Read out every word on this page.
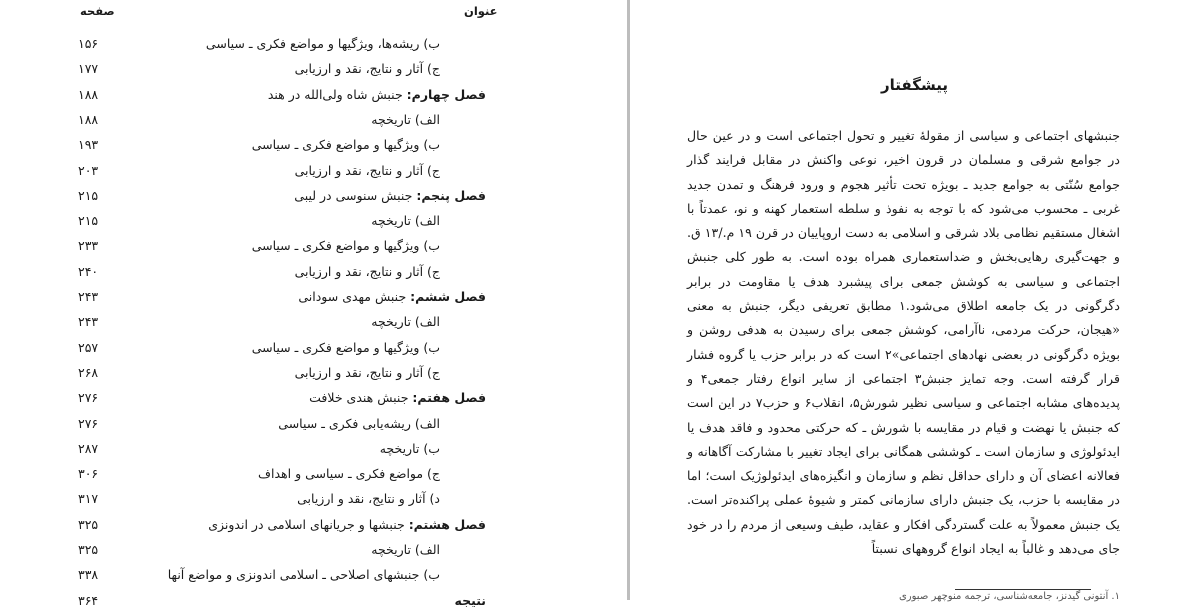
صفحه	عنوان
۱۵۶	ب) ریشه‌ها، ویژگیها و مواضع فکری ـ سیاسی
۱۷۷	ج) آثار و نتایج، نقد و ارزیابی
۱۸۸	فصل چهارم: جنبش شاه ولی‌الله در هند
۱۸۸	الف) تاریخچه
۱۹۳	ب) ویژگیها و مواضع فکری ـ سیاسی
۲۰۳	ج) آثار و نتایج، نقد و ارزیابی
۲۱۵	فصل پنجم: جنبش سنوسی در لیبی
۲۱۵	الف) تاریخچه
۲۳۳	ب) ویژگیها و مواضع فکری ـ سیاسی
۲۴۰	ج) آثار و نتایج، نقد و ارزیابی
۲۴۳	فصل ششم: جنبش مهدی سودانی
۲۴۳	الف) تاریخچه
۲۵۷	ب) ویژگیها و مواضع فکری ـ سیاسی
۲۶۸	ج) آثار و نتایج، نقد و ارزیابی
۲۷۶	فصل هفتم: جنبش هندی خلافت
۲۷۶	الف) ریشه‌یابی فکری ـ سیاسی
۲۸۷	ب) تاریخچه
۳۰۶	ج) مواضع فکری ـ سیاسی و اهداف
۳۱۷	د) آثار و نتایج، نقد و ارزیابی
۳۲۵	فصل هشتم: جنبشها و جریانهای اسلامی در اندونزی
۳۲۵	الف) تاریخچه
۳۳۸	ب) جنبشهای اصلاحی ـ اسلامی اندونزی و مواضع آنها
۳۶۴	نتیجه
پیشگفتار
جنبشهای اجتماعی و سیاسی از مقولهٔ تغییر و تحول اجتماعی است و در عین حال در جوامع شرقی و مسلمان در قرون اخیر، نوعی واکنش در مقابل فرایند گذار جوامع سُنّتی به جوامع جدید ـ بویژه تحت تأثیر هجوم و ورود فرهنگ و تمدن جدید غربی ـ محسوب می‌شود که با توجه به نفوذ و سلطه استعمار کهنه و نو، عمدتاً با اشغال مستقیم نظامی بلاد شرقی و اسلامی به دست اروپاییان در قرن ۱۹ م./۱۳ ق. و جهت‌گیری رهایی‌بخش و ضداستعماری همراه بوده است. به طور کلی جنبش اجتماعی و سیاسی به کوشش جمعی برای پیشبرد هدف یا مقاومت در برابر دگرگونی در یک جامعه اطلاق می‌شود.۱ مطابق تعریفی دیگر، جنبش به معنی «هیجان، حرکت مردمی، ناآرامی، کوشش جمعی برای رسیدن به هدفی روشن و بویژه دگرگونی در بعضی نهادهای اجتماعی»۲ است که در برابر حزب یا گروه فشار قرار گرفته است. وجه تمایز جنبش۳ اجتماعی از سایر انواع رفتار جمعی۴ و پدیده‌های مشابه اجتماعی و سیاسی نظیر شورش۵، انقلاب۶ و حزب۷ در این است که جنبش یا نهضت و قیام در مقایسه با شورش ـ که حرکتی محدود و فاقد هدف یا ایدئولوژی و سازمان است ـ کوششی همگانی برای ایجاد تغییر با مشارکت آگاهانه و فعالانه اعضای آن و دارای حداقل نظم و سازمان و انگیزه‌های ایدئولوژیک است؛ اما در مقایسه با حزب، یک جنبش دارای سازمانی کمتر و شیوهٔ عملی پراکنده‌تر است. یک جنبش معمولاً به علت گستردگی افکار و عقاید، طیف وسیعی از مردم را در خود جای می‌دهد و غالباً به ایجاد انواع گروههای نسبتاً
۱. آنتونی گیدنز، جامعه‌شناسی، ترجمه منوچهر صبوری
